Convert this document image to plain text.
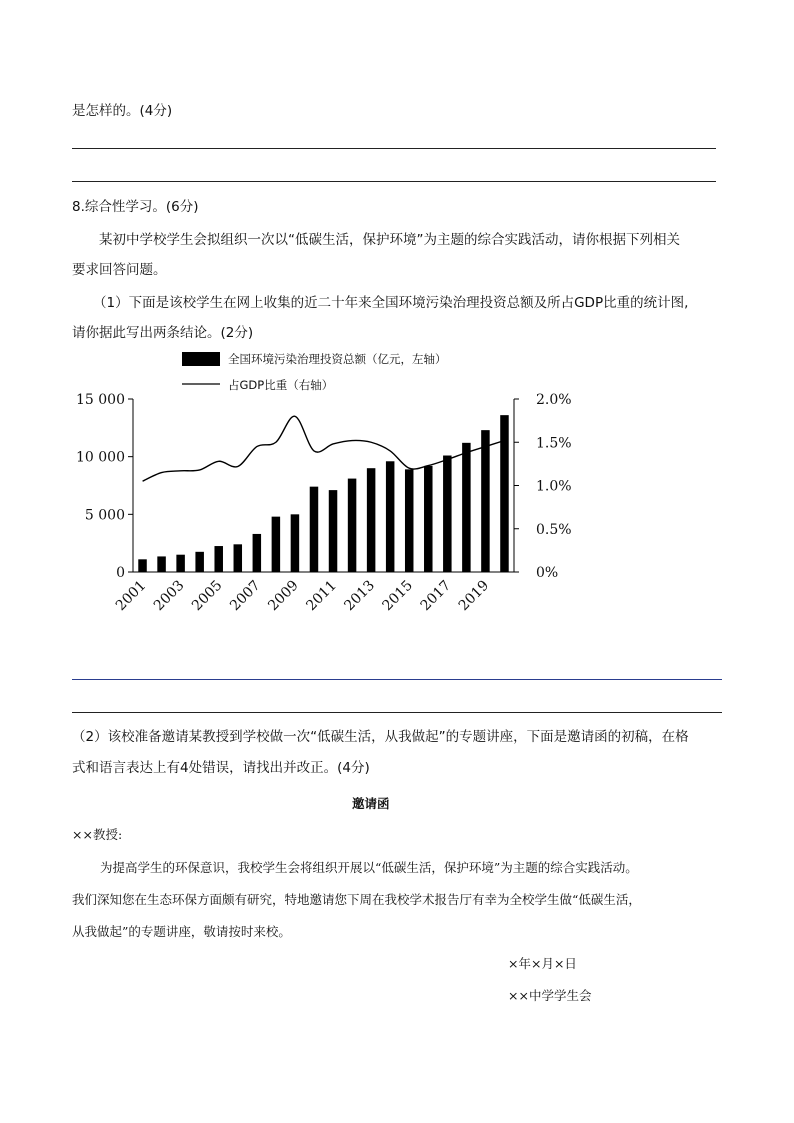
是怎样的。(4分)
8.综合性学习。(6分)
某初中学校学生会拟组织一次以“低碳生活，保护环境”为主题的综合实践活动，请你根据下列相关
要求回答问题。
（1）下面是该校学生在网上收集的近二十年来全国环境污染治理投资总额及所占GDP比重的统计图,
请你据此写出两条结论。(2分)
全国环境污染治理投资总额（亿元，左轴）
占GDP比重（右轴）
0
5 000
10 000
15 000
0%
0.5%
1.0%
1.5%
2.0%
2001 2003 2005 2007 2009 2011 2013 2015 2017 2019
（2）该校准备邀请某教授到学校做一次“低碳生活，从我做起”的专题讲座，下面是邀请函的初稿，在格
式和语言表达上有4处错误，请找出并改正。(4分)
邀请函
××教授:
为提高学生的环保意识，我校学生会将组织开展以“低碳生活，保护环境”为主题的综合实践活动。
我们深知您在生态环保方面颇有研究，特地邀请您下周在我校学术报告厅有幸为全校学生做“低碳生活，
从我做起”的专题讲座，敬请按时来校。
×年×月×日
××中学学生会
